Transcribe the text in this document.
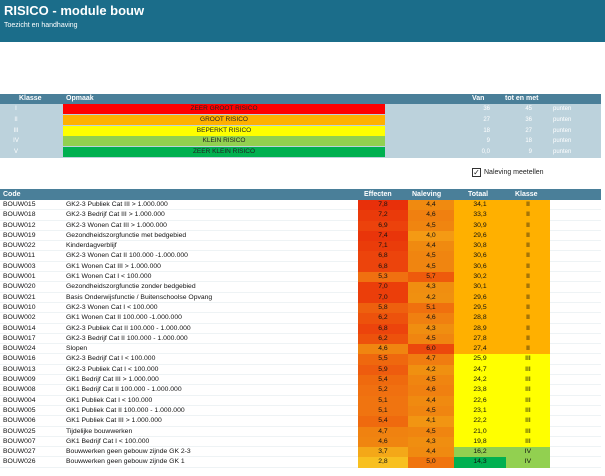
RISICO - module bouw
Toezicht en handhaving
Klasse	Opmaak	Van	tot en met
I	ZEER GROOT RISICO	36	45	punten
II	GROOT RISICO	27	36	punten
III	BEPERKT RISICO	18	27	punten
IV	KLEIN RISICO	9	18	punten
V	ZEER KLEIN RISICO	0,0	9	punten
✓ Naleving meetellen
Code	Effecten	Naleving	Totaal	Klasse
BOUW015	GK2-3 Publiek Cat III > 1.000.000	7,8	4,4	34,1	II
BOUW018	GK2-3 Bedrijf Cat III > 1.000.000	7,2	4,6	33,3	II
BOUW012	GK2-3 Wonen Cat III > 1.000.000	6,9	4,5	30,9	II
BOUW019	Gezondheidszorgfunctie met bedgebied	7,4	4,0	29,6	II
BOUW022	Kinderdagverblijf	7,1	4,4	30,8	II
BOUW011	GK2-3 Wonen Cat II 100.000 -1.000.000	6,8	4,5	30,6	II
BOUW003	GK1 Wonen Cat III > 1.000.000	6,8	4,5	30,6	II
BOUW001	GK1 Wonen Cat I < 100.000	5,3	5,7	30,2	II
BOUW020	Gezondheidszorgfunctie zonder bedgebied	7,0	4,3	30,1	II
BOUW021	Basis Onderwijsfunctie / Buitenschoolse Opvang	7,0	4,2	29,6	II
BOUW010	GK2-3 Wonen Cat I < 100.000	5,8	5,1	29,5	II
BOUW002	GK1 Wonen Cat II 100.000 -1.000.000	6,2	4,6	28,8	II
BOUW014	GK2-3 Publiek Cat II 100.000 - 1.000.000	6,8	4,3	28,9	II
BOUW017	GK2-3 Bedrijf Cat II 100.000 - 1.000.000	6,2	4,5	27,8	II
BOUW024	Slopen	4,6	6,0	27,4	II
BOUW016	GK2-3 Bedrijf Cat I < 100.000	5,5	4,7	25,9	III
BOUW013	GK2-3 Publiek Cat I < 100.000	5,9	4,2	24,7	III
BOUW009	GK1 Bedrijf Cat III > 1.000.000	5,4	4,5	24,2	III
BOUW008	GK1 Bedrijf Cat II 100.000 - 1.000.000	5,2	4,6	23,8	III
BOUW004	GK1 Publiek Cat I < 100.000	5,1	4,4	22,6	III
BOUW005	GK1 Publiek Cat II 100.000 - 1.000.000	5,1	4,5	23,1	III
BOUW006	GK1 Publiek Cat III > 1.000.000	5,4	4,1	22,2	III
BOUW025	Tijdelijke bouwwerken	4,7	4,5	21,0	III
BOUW007	GK1 Bedrijf Cat I < 100.000	4,6	4,3	19,8	III
BOUW027	Bouwwerken geen gebouw zijnde GK 2-3	3,7	4,4	16,2	IV
BOUW026	Bouwwerken geen gebouw zijnde GK 1	2,8	5,0	14,3	IV
